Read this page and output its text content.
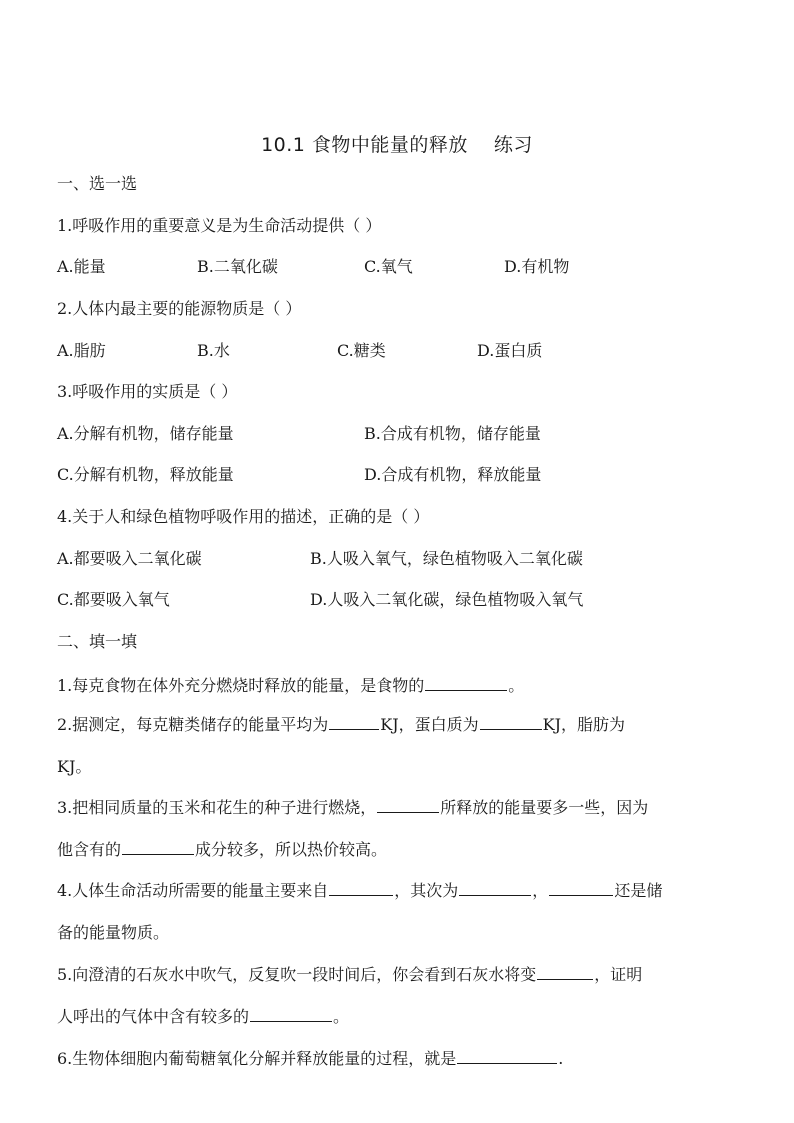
10.1 食物中能量的释放 练习
一、选一选
1.呼吸作用的重要意义是为生命活动提供（ ）
A.能量	B.二氧化碳	C.氧气	D.有机物
2.人体内最主要的能源物质是（ ）
A.脂肪	B.水	C.糖类	D.蛋白质
3.呼吸作用的实质是（ ）
A.分解有机物，储存能量	B.合成有机物，储存能量
C.分解有机物，释放能量	D.合成有机物，释放能量
4.关于人和绿色植物呼吸作用的描述，正确的是（ ）
A.都要吸入二氧化碳	B.人吸入氧气，绿色植物吸入二氧化碳
C.都要吸入氧气	D.人吸入二氧化碳，绿色植物吸入氧气
二、填一填
1.每克食物在体外充分燃烧时释放的能量，是食物的	。
2.据测定，每克糖类储存的能量平均为	KJ，蛋白质为	KJ，脂肪为
KJ。
3.把相同质量的玉米和花生的种子进行燃烧，	所释放的能量要多一些，因为
他含有的	成分较多，所以热价较高。
4.人体生命活动所需要的能量主要来自	，其次为	，	还是储
备的能量物质。
5.向澄清的石灰水中吹气，反复吹一段时间后，你会看到石灰水将变	，证明
人呼出的气体中含有较多的	。
6.生物体细胞内葡萄糖氧化分解并释放能量的过程，就是	.
